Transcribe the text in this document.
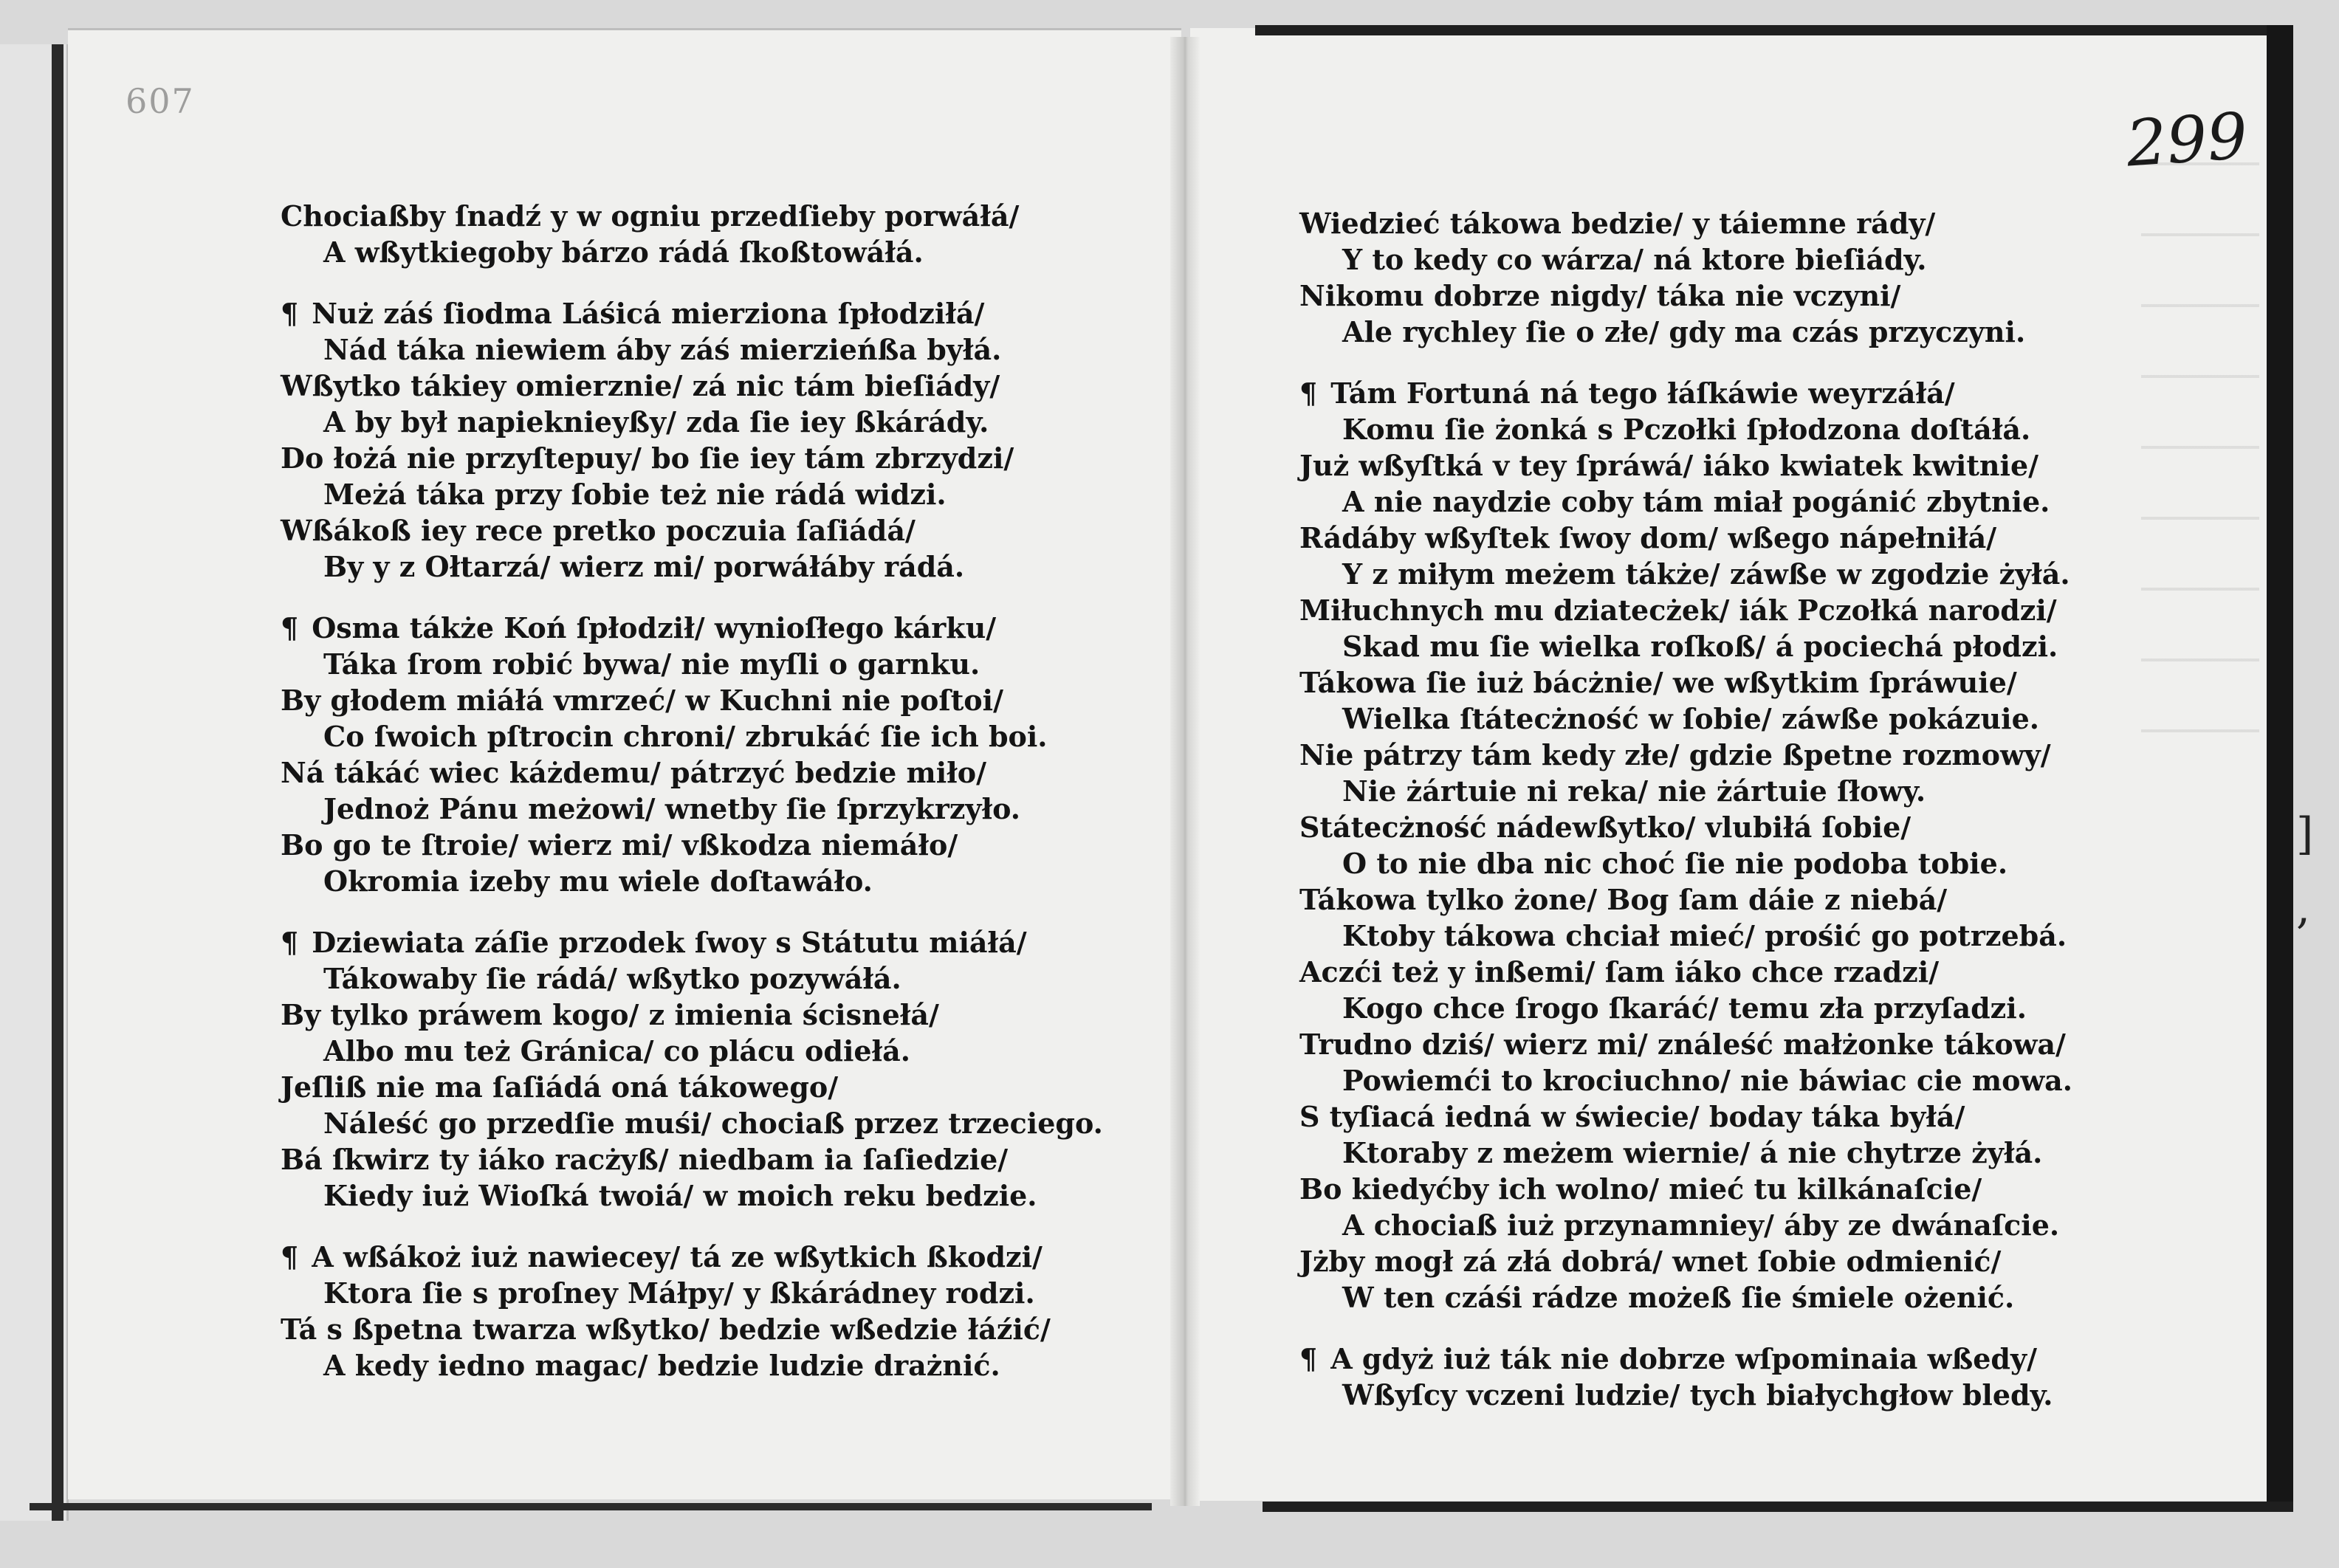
607	299
] ,
Chociaßby ſnadź y w ogniu przedſieby porwáłá/
A wßytkiegoby bárzo rádá ſkoßtowáłá.
¶ Nuż záś ſiodma Láśicá mierziona ſpłodziłá/
Nád táka niewiem áby záś mierzieńßa byłá.
Wßytko tákiey omierznie/ zá nic tám bieſiády/
A by był napieknieyßy/ zda ſie iey ßkárády.
Do łożá nie przyſtepuy/ bo ſie iey tám zbrzydzi/
Meżá táka przy ſobie też nie rádá widzi.
Wßákoß iey rece pretko poczuia ſaſiádá/
By y z Ołtarzá/ wierz mi/ porwáłáby rádá.
¶ Osma tákże Koń ſpłodził/ wynioſłego kárku/
Táka ſrom robić bywa/ nie myſli o garnku.
By głodem miáłá vmrzeć/ w Kuchni nie poſtoi/
Co ſwoich pſtrocin chroni/ zbrukáć ſie ich boi.
Ná tákáć wiec káżdemu/ pátrzyć bedzie miło/
Jednoż Pánu meżowi/ wnetby ſie ſprzykrzyło.
Bo go te ſtroie/ wierz mi/ vßkodza niemáło/
Okromia izeby mu wiele doſtawáło.
¶ Dziewiata záſie przodek ſwoy s Státutu miáłá/
Tákowaby ſie rádá/ wßytko pozywáłá.
By tylko práwem kogo/ z imienia ścisnełá/
Albo mu też Gránica/ co plácu odiełá.
Jeſliß nie ma ſaſiádá oná tákowego/
Náleść go przedſie muśi/ chociaß przez trzeciego.
Bá ſkwirz ty iáko racżyß/ niedbam ia ſaſiedzie/
Kiedy iuż Wioſká twoiá/ w moich reku bedzie.
¶ A wßákoż iuż nawiecey/ tá ze wßytkich ßkodzi/
Ktora ſie s proſney Máłpy/ y ßkárádney rodzi.
Tá s ßpetna twarza wßytko/ bedzie wßedzie łáźić/
A kedy iedno magac/ bedzie ludzie drażnić.
Wiedzieć tákowa bedzie/ y táiemne rády/
Y to kedy co wárza/ ná ktore bieſiády.
Nikomu dobrze nigdy/ táka nie vczyni/
Ale rychley ſie o złe/ gdy ma czás przyczyni.
¶ Tám Fortuná ná tego łáſkáwie weyrzáłá/
Komu ſie żonká s Pczołki ſpłodzona doſtáłá.
Już wßyſtká v tey ſpráwá/ iáko kwiatek kwitnie/
A nie naydzie coby tám miał pogánić zbytnie.
Rádáby wßyſtek ſwoy dom/ wßego nápełniłá/
Y z miłym meżem tákże/ záwße w zgodzie żyłá.
Miłuchnych mu dziatecżek/ iák Pczołká narodzi/
Skad mu ſie wielka roſkoß/ á pociechá płodzi.
Tákowa ſie iuż bácżnie/ we wßytkim ſpráwuie/
Wielka ſtátecżność w ſobie/ záwße pokázuie.
Nie pátrzy tám kedy złe/ gdzie ßpetne rozmowy/
Nie żártuie ni reka/ nie żártuie ſłowy.
Státecżność nádewßytko/ vlubiłá ſobie/
O to nie dba nic choć ſie nie podoba tobie.
Tákowa tylko żone/ Bog ſam dáie z niebá/
Ktoby tákowa chciał mieć/ prośić go potrzebá.
Aczći też y inßemi/ ſam iáko chce rzadzi/
Kogo chce ſrogo ſkaráć/ temu zła przyſadzi.
Trudno dziś/ wierz mi/ ználeść małżonke tákowa/
Powiemći to krociuchno/ nie báwiac cie mowa.
S tyſiacá iedná w świecie/ boday táka byłá/
Ktoraby z meżem wiernie/ á nie chytrze żyłá.
Bo kiedyćby ich wolno/ mieć tu kilkánaſcie/
A chociaß iuż przynamniey/ áby ze dwánaſcie.
Jżby mogł zá złá dobrá/ wnet ſobie odmienić/
W ten czáśi rádze możeß ſie śmiele ożenić.
¶ A gdyż iuż ták nie dobrze wſpominaia wßedy/
Wßyſcy vczeni ludzie/ tych białychgłow bledy.
